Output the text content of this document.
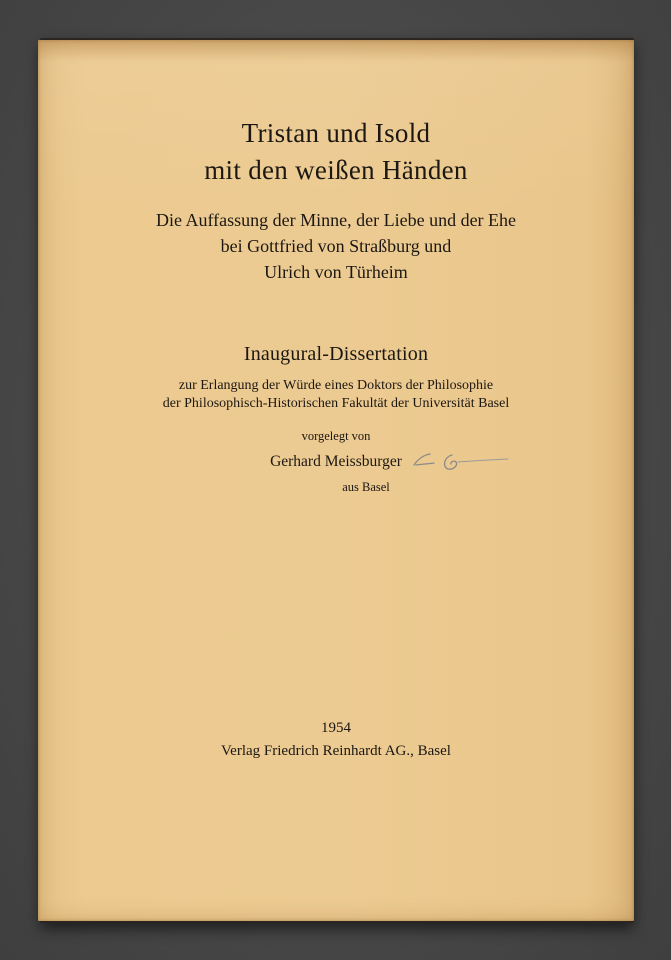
Tristan und Isold
mit den weißen Händen
Die Auffassung der Minne, der Liebe und der Ehe
bei Gottfried von Straßburg und
Ulrich von Türheim
Inaugural-Dissertation
zur Erlangung der Würde eines Doktors der Philosophie
der Philosophisch-Historischen Fakultät der Universität Basel
vorgelegt von
Gerhard Meissburger
aus Basel
1954
Verlag Friedrich Reinhardt AG., Basel
